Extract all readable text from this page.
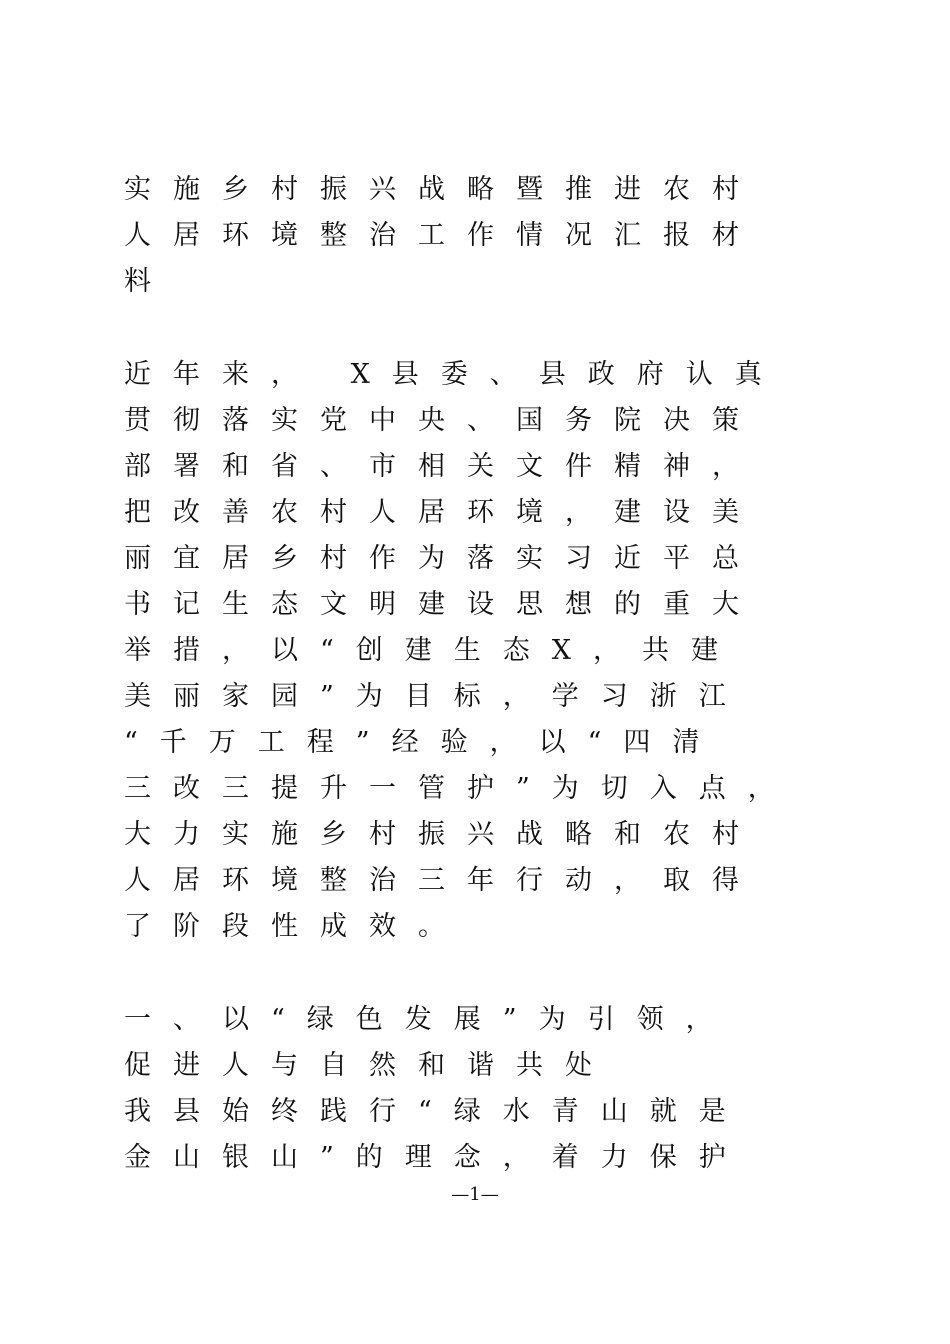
实施乡村振兴战略暨推进农村
人居环境整治工作情况汇报材
料
近年来， X县委、县政府认真
贯彻落实党中央、国务院决策
部署和省、市相关文件精神，
把改善农村人居环境，建设美
丽宜居乡村作为落实习近平总
书记生态文明建设思想的重大
举措，以“创建生态X，共建
美丽家园”为目标，学习浙江
“千万工程”经验，以“四清
三改三提升一管护”为切入点，
大力实施乡村振兴战略和农村
人居环境整治三年行动，取得
了阶段性成效。
一、以“绿色发展”为引领，
促进人与自然和谐共处
我县始终践行“绿水青山就是
金山银山”的理念，着力保护
—1—
